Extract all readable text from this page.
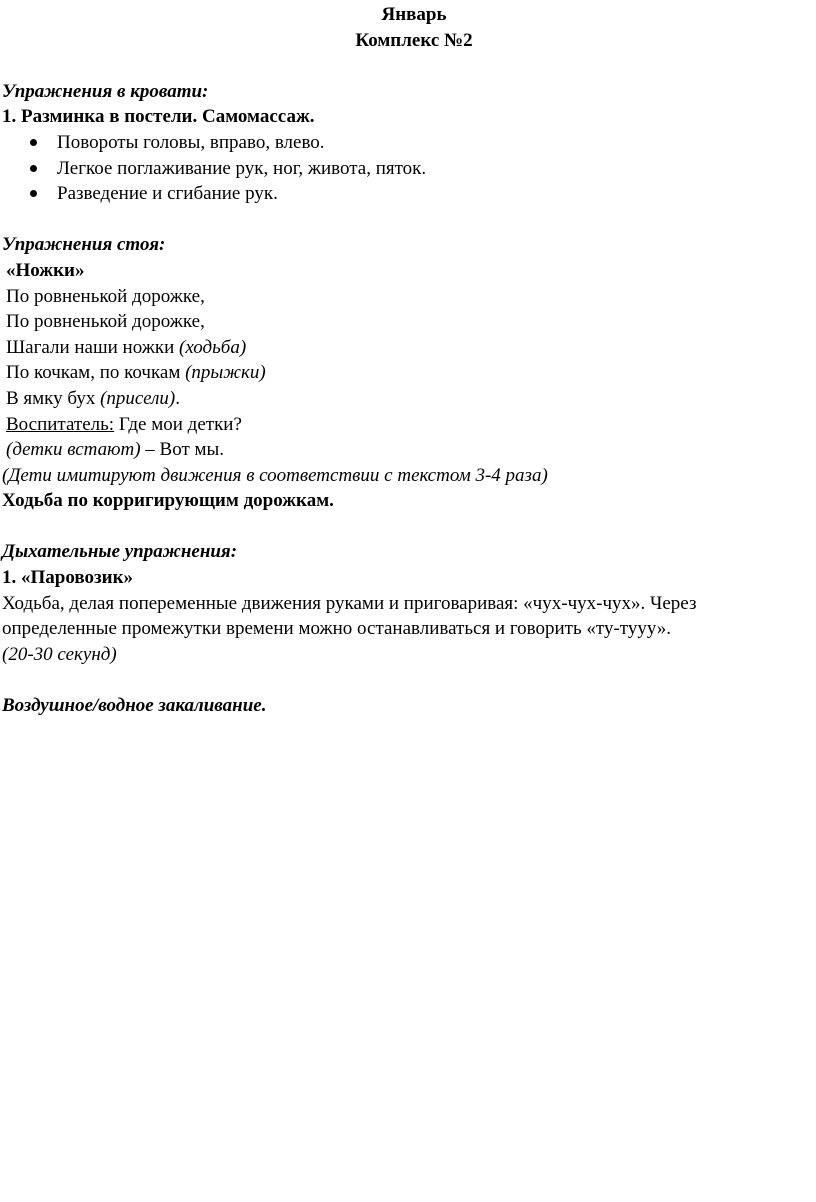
Январь

Комплекс №2

Упражнения в кровати:

1. Разминка в постели. Самомассаж.

Повороты головы, вправо, влево.
Легкое поглаживание рук, ног, живота, пяток.
Разведение и сгибание рук.

Упражнения стоя:

«Ножки»

По ровненькой дорожке,

По ровненькой дорожке,

Шагали наши ножки (ходьба)

По кочкам, по кочкам (прыжки)

В ямку бух (присели).

Воспитатель: Где мои детки?

(детки встают) – Вот мы.

(Дети имитируют движения в соответствии с текстом 3-4 раза)

Ходьба по корригирующим дорожкам.

Дыхательные упражнения:

1. «Паровозик»

Ходьба, делая попеременные движения руками и приговаривая: «чух-чух-чух». Через определенные промежутки времени можно останавливаться и говорить «ту-тууу».

(20-30 секунд)

Воздушное/водное закаливание.
